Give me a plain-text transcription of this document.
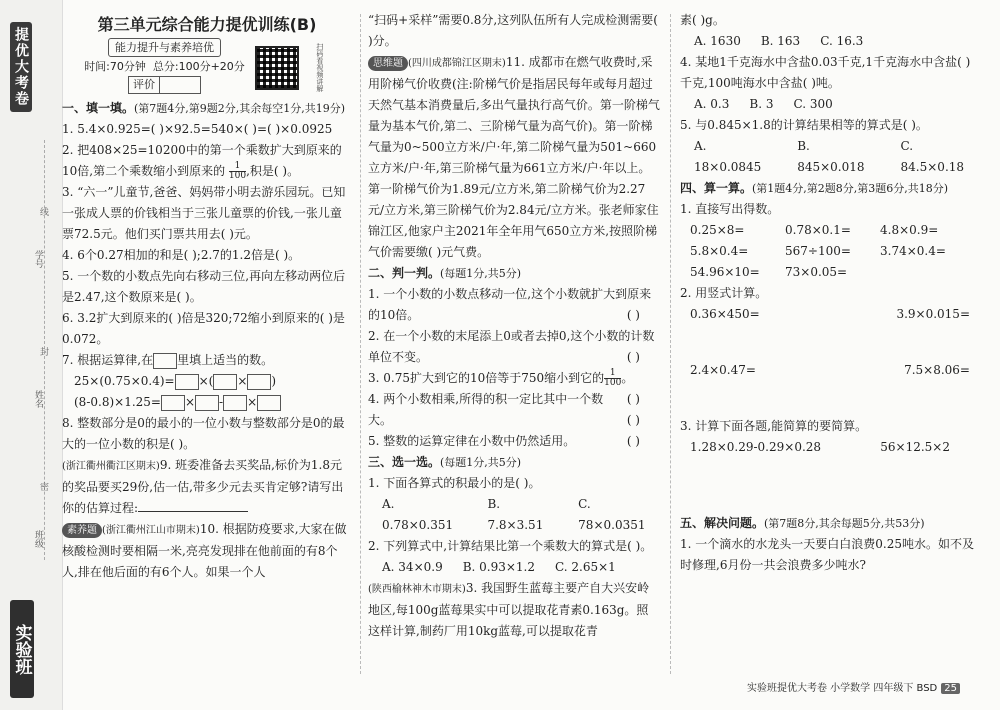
提优大考卷
学号
姓名
班级
线
封
密
实验班
第三单元综合能力提优训练(B)
能力提升与素养培优
时间:70分钟 总分:100分+20分
评价	扫码看视频讲解
一、填一填。(第7题4分,第9题2分,其余每空1分,共19分)

1. 5.4×0.925=( )×92.5=540×( )=( )×0.0925

2. 把408×25=10200中的第一个乘数扩大到原来的
10倍,第二个乘数缩小到原来的 $\frac{1}{100}$ ,积是( )。

3. “六一”儿童节,爸爸、妈妈带小明去游乐园玩。已知一张成人票的价钱相当于三张儿童票的价钱,一张儿童票72.5元。他们买门票共用去( )元。

4. 6个0.27相加的和是( );2.7的1.2倍是( )。

5. 一个数的小数点先向右移动三位,再向左移动两位后是2.47,这个数原来是( )。

6. 3.2扩大到原来的( )倍是320;72缩小到原来的( )是0.072。

7. 根据运算律,在 里填上适当的数。

25×(0.75×0.4)= ×( × )

(8-0.8)×1.25= × - ×

8. 整数部分是0的最小的一位小数与整数部分是0的最大的一位小数的积是( )。

(浙江衢州衢江区期末)9. 班委准备去买奖品,标价为1.8元的奖品要买29份,估一估,带多少元去买肯定够?请写出你的估算过程:

素养题 (浙江衢州江山市期末)10. 根据防疫要求,大家在做核酸检测时要相隔一米,亮亮发现排在他前面的有8个人,排在他后面的有6个人。如果一个人

“扫码+采样”需要0.8分,这列队伍所有人完成检测需要( )分。

思维题 (四川成都锦江区期末)11. 成都市在燃气收费时,采用阶梯气价收费(注:阶梯气价是指居民每年或每月超过天然气基本消费量后,多出气量执行高气价。第一阶梯气量为基本气价,第二、三阶梯气量为高气价)。第一阶梯气量为0~500立方米/户·年,第二阶梯气量为501~660立方米/户·年,第三阶梯气量为661立方米/户·年以上。第一阶梯气价为1.89元/立方米,第二阶梯气价为2.27元/立方米,第三阶梯气价为2.84元/立方米。张老师家住锦江区,他家户主2021年全年用气650立方米,按照阶梯气价需要缴( )元气费。

二、判一判。(每题1分,共5分)

1. 一个小数的小数点移动一位,这个小数就扩大到原来的10倍。	( )

2. 在一个小数的末尾添上0或者去掉0,这个小数的计数单位不变。	( )

3. 0.75扩大到它的10倍等于750缩小到它的 $\frac{1}{100}$ 。

( )

4. 两个小数相乘,所得的积一定比其中一个数大。	( )

5. 整数的运算定律在小数中仍然适用。	( )

三、选一选。(每题1分,共5分)

1. 下面各算式的积最小的是( )。

A. 0.78×0.351
B. 7.8×3.51
C. 78×0.0351

2. 下列算式中,计算结果比第一个乘数大的算式是( )。

A. 34×0.9 B. 0.93×1.2 C. 2.65×1

(陕西榆林神木市期末)3. 我国野生蓝莓主要产自大兴安岭地区,每100g蓝莓果实中可以提取花青素0.163g。照这样计算,制药厂用10kg蓝莓,可以提取花青

素( )g。

A. 1630 B. 163 C. 16.3

4. 某地1千克海水中含盐0.03千克,1千克海水中含盐( )千克,100吨海水中含盐( )吨。

A. 0.3 B. 3 C. 300

5. 与0.845×1.8的计算结果相等的算式是( )。

A. 18×0.0845
B. 845×0.018
C. 84.5×0.18
四、算一算。(第1题4分,第2题8分,第3题6分,共18分)

1. 直接写出得数。

0.25×8=	0.78×0.1=	4.8×0.9=
5.8×0.4=	567÷100=	3.74×0.4=
54.96×10=	73×0.05=

2. 用竖式计算。

0.36×450=	3.9×0.015=
2.4×0.47=	7.5×8.06=

3. 计算下面各题,能简算的要简算。

1.28×0.29-0.29×0.28	56×12.5×2
五、解决问题。(第7题8分,其余每题5分,共53分)

1. 一个滴水的水龙头一天要白白浪费0.25吨水。如不及时修理,6月份一共会浪费多少吨水?

实验班提优大考卷 小学数学 四年级下 BSD 25
